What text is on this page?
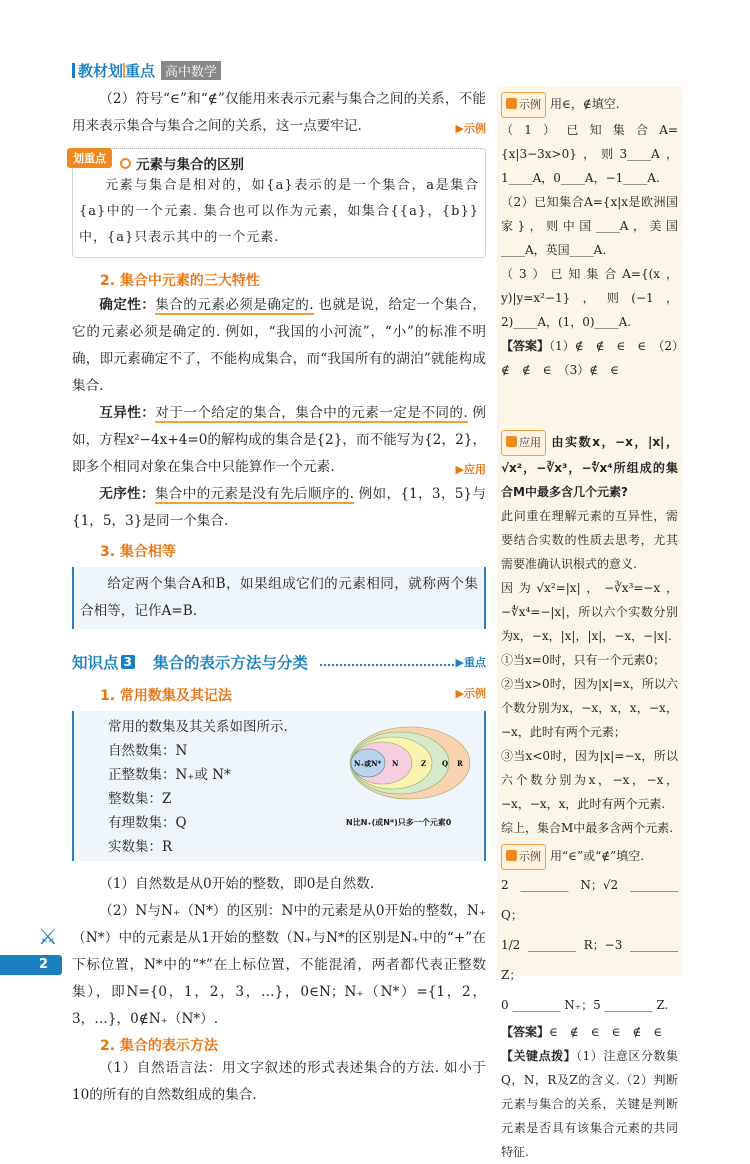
教材划 重点 高中数学

（2）符号“∈”和“∉”仅能用来表示元素与集合之间的关系，不能用来表示集合与集合之间的关系，这一点要牢记.	▶示例
划重点	元素与集合的区别

元素与集合是相对的，如{a}表示的是一个集合，a是集合{a}中的一个元素. 集合也可以作为元素，如集合{{a}，{b}}中，{a}只表示其中的一个元素.

2. 集合中元素的三大特性

确定性：集合的元素必须是确定的. 也就是说，给定一个集合，它的元素必须是确定的. 例如，“我国的小河流”，“小”的标准不明确，即元素确定不了，不能构成集合，而“我国所有的湖泊”就能构成集合.

互异性：对于一个给定的集合，集合中的元素一定是不同的. 例如，方程x²−4x+4=0的解构成的集合是{2}，而不能写为{2，2}，即多个相同对象在集合中只能算作一个元素.	▶应用

无序性：集合中的元素是没有先后顺序的. 例如，{1，3，5}与{1，5，3}是同一个集合.

3. 集合相等

给定两个集合A和B，如果组成它们的元素相同，就称两个集合相等，记作A=B.

知识点 3 集合的表示方法与分类	▶重点
1. 常用数集及其记法	▶示例
常用的数集及其关系如图所示.
自然数集：N
正整数集：N₊或 N*
整数集：Z
有理数集：Q
实数集：R
N₊或N* N	Z Q R
N比N₊(或N*)只多一个元素0

（1）自然数是从0开始的整数，即0是自然数.

（2）N与N₊（N*）的区别：N中的元素是从0开始的整数，N₊（N*）中的元素是从1开始的整数（N₊与N*的区别是N₊中的“+”在下标位置，N*中的“*”在上标位置，不能混淆，两者都代表正整数集），即N={0，1，2，3，…}，0∈N；N₊（N*）={1，2，3，…}，0∉N₊（N*）.

2. 集合的表示方法

（1）自然语言法：用文字叙述的形式表述集合的方法. 如小于10的所有的自然数组成的集合.

⚔
2
示例 用∈，∉填空.
（1）已知集合A={x|3−3x>0}，则3____A，1____A，0____A，−1____A.
（2）已知集合A={x|x是欧洲国家}，则中国____A，美国____A，英国____A.
（3）已知集合A={(x，y)|y=x²−1}，则(−1，2)____A，(1，0)____A.
【答案】（1）∉　∉　∈　∈　（2）∉　∉　∈　（3）∉　∈
应用 由实数x，−x，|x|，√x²，−∛x³，−∜x⁴所组成的集合M中最多含几个元素?
此问重在理解元素的互异性，需要结合实数的性质去思考，尤其需要准确认识根式的意义.
因为√x²=|x|，−∛x³=−x，−∜x⁴=−|x|，所以六个实数分别为x，−x，|x|，|x|，−x，−|x|.
①当x=0时，只有一个元素0；
②当x>0时，因为|x|=x，所以六个数分别为x，−x，x，x，−x，−x，此时有两个元素；
③当x<0时，因为|x|=−x，所以六个数分别为x，−x，−x，−x，−x，x，此时有两个元素.
综上，集合M中最多含两个元素.
示例 用“∈”或“∉”填空.
2 ________ N；√2 ________ Q；
1/2 ________ R；−3 ________ Z；
0 ________ N₊；5 ________ Z.
【答案】∈　∉　∈　∈　∉　∈
【关键点拨】（1）注意区分数集Q，N，R及Z的含义.（2）判断元素与集合的关系，关键是判断元素是否具有该集合元素的共同特征.
